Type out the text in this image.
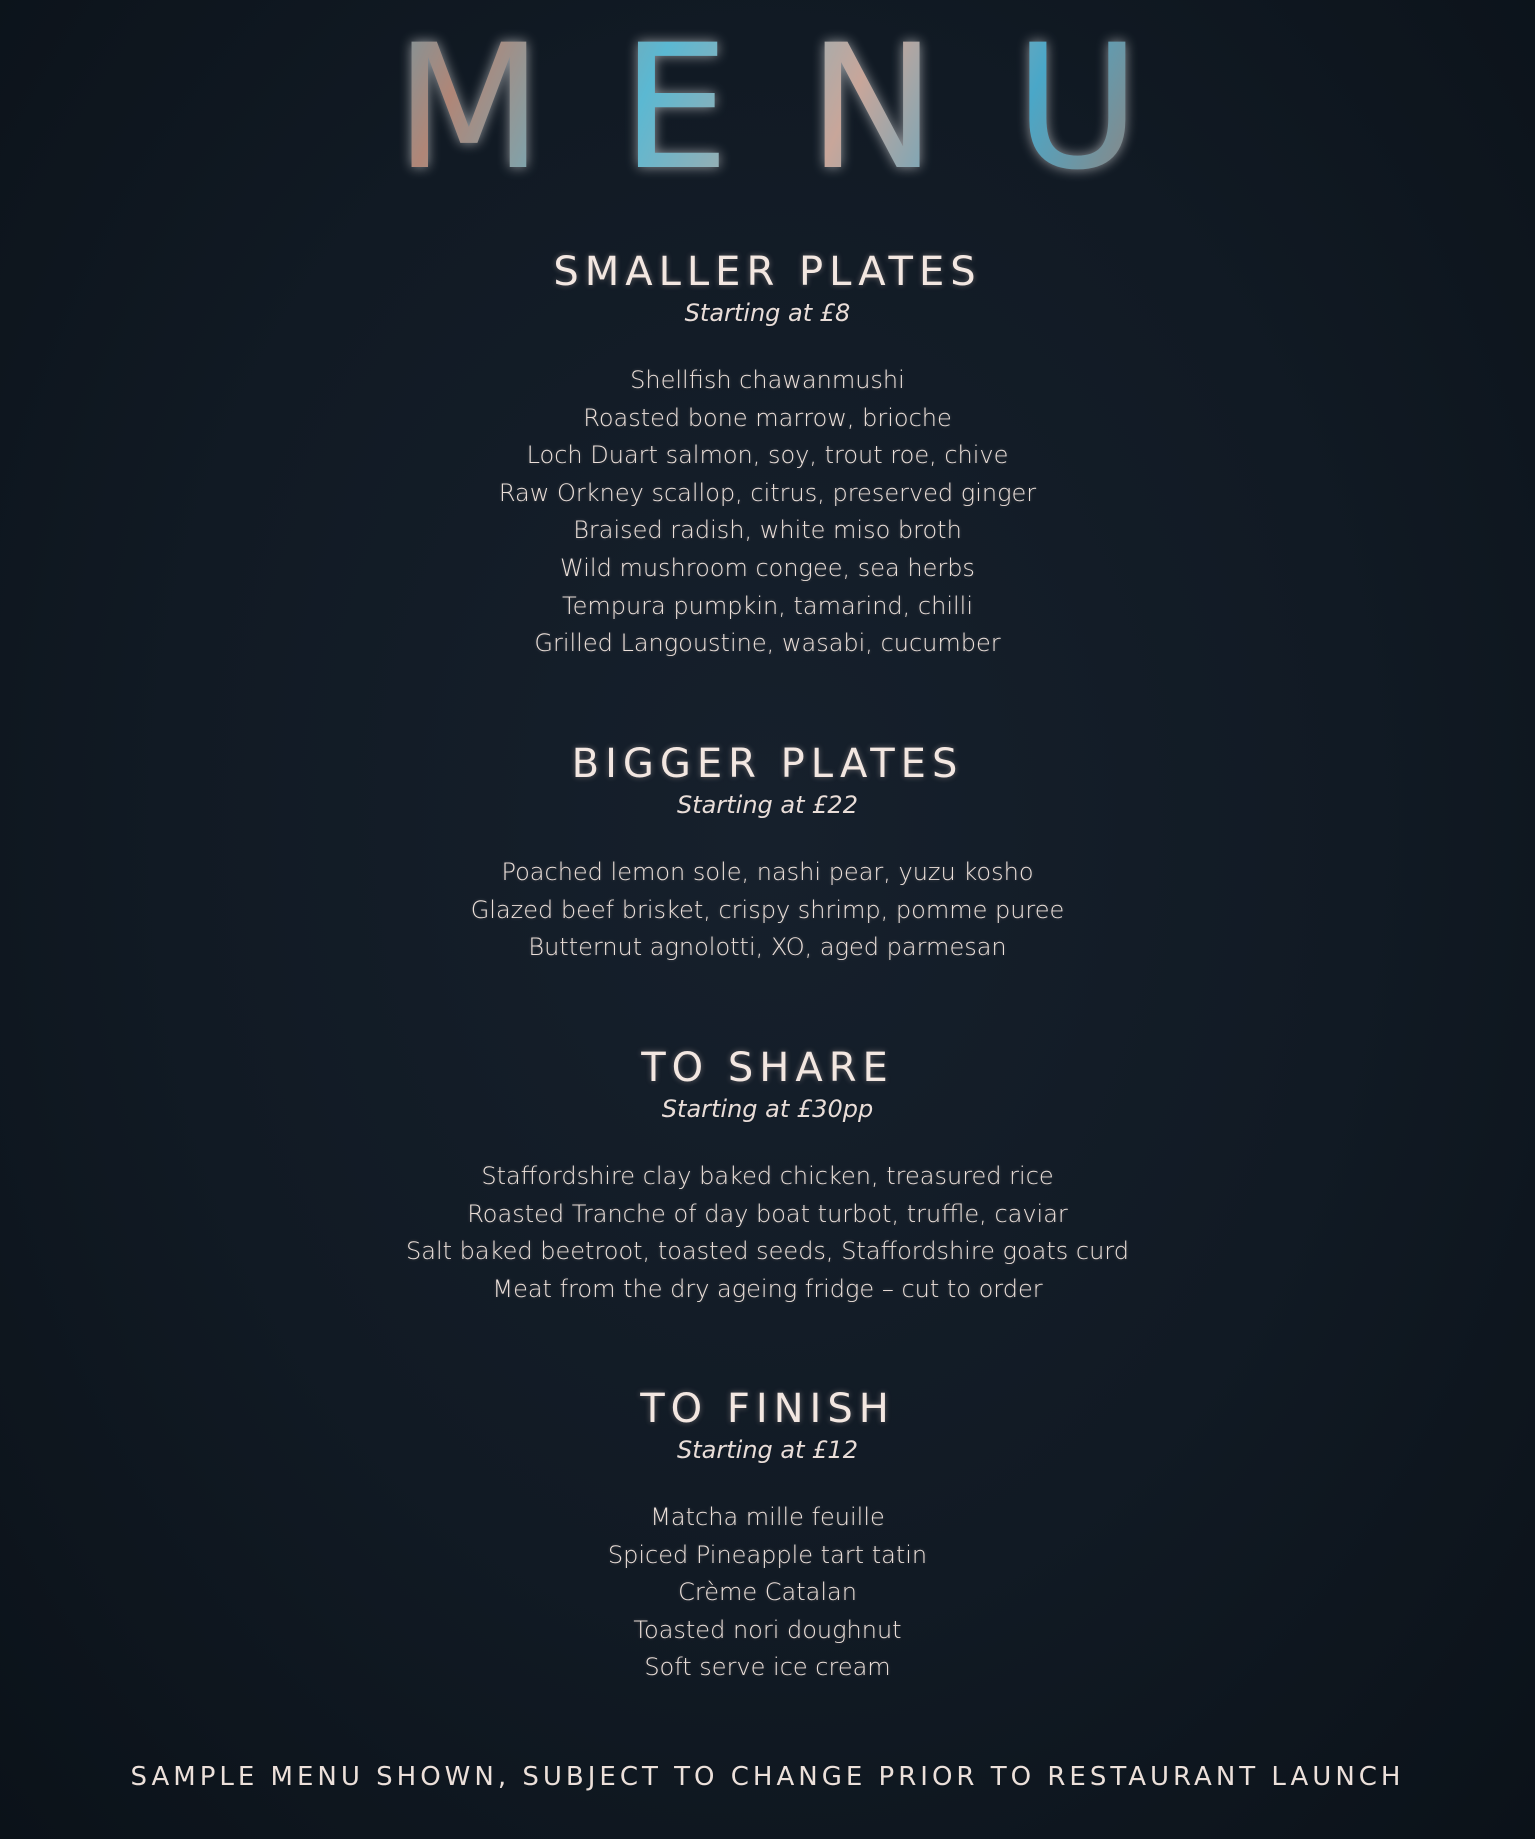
MENU
SMALLER PLATES
Starting at £8
Shellfish chawanmushi
Roasted bone marrow, brioche
Loch Duart salmon, soy, trout roe, chive
Raw Orkney scallop, citrus, preserved ginger
Braised radish, white miso broth
Wild mushroom congee, sea herbs
Tempura pumpkin, tamarind, chilli
Grilled Langoustine, wasabi, cucumber
BIGGER PLATES
Starting at £22
Poached lemon sole, nashi pear, yuzu kosho
Glazed beef brisket, crispy shrimp, pomme puree
Butternut agnolotti, XO, aged parmesan
TO SHARE
Starting at £30pp
Staffordshire clay baked chicken, treasured rice
Roasted Tranche of day boat turbot, truffle, caviar
Salt baked beetroot, toasted seeds, Staffordshire goats curd
Meat from the dry ageing fridge – cut to order
TO FINISH
Starting at £12
Matcha mille feuille
Spiced Pineapple tart tatin
Crème Catalan
Toasted nori doughnut
Soft serve ice cream
SAMPLE MENU SHOWN, SUBJECT TO CHANGE PRIOR TO RESTAURANT LAUNCH
